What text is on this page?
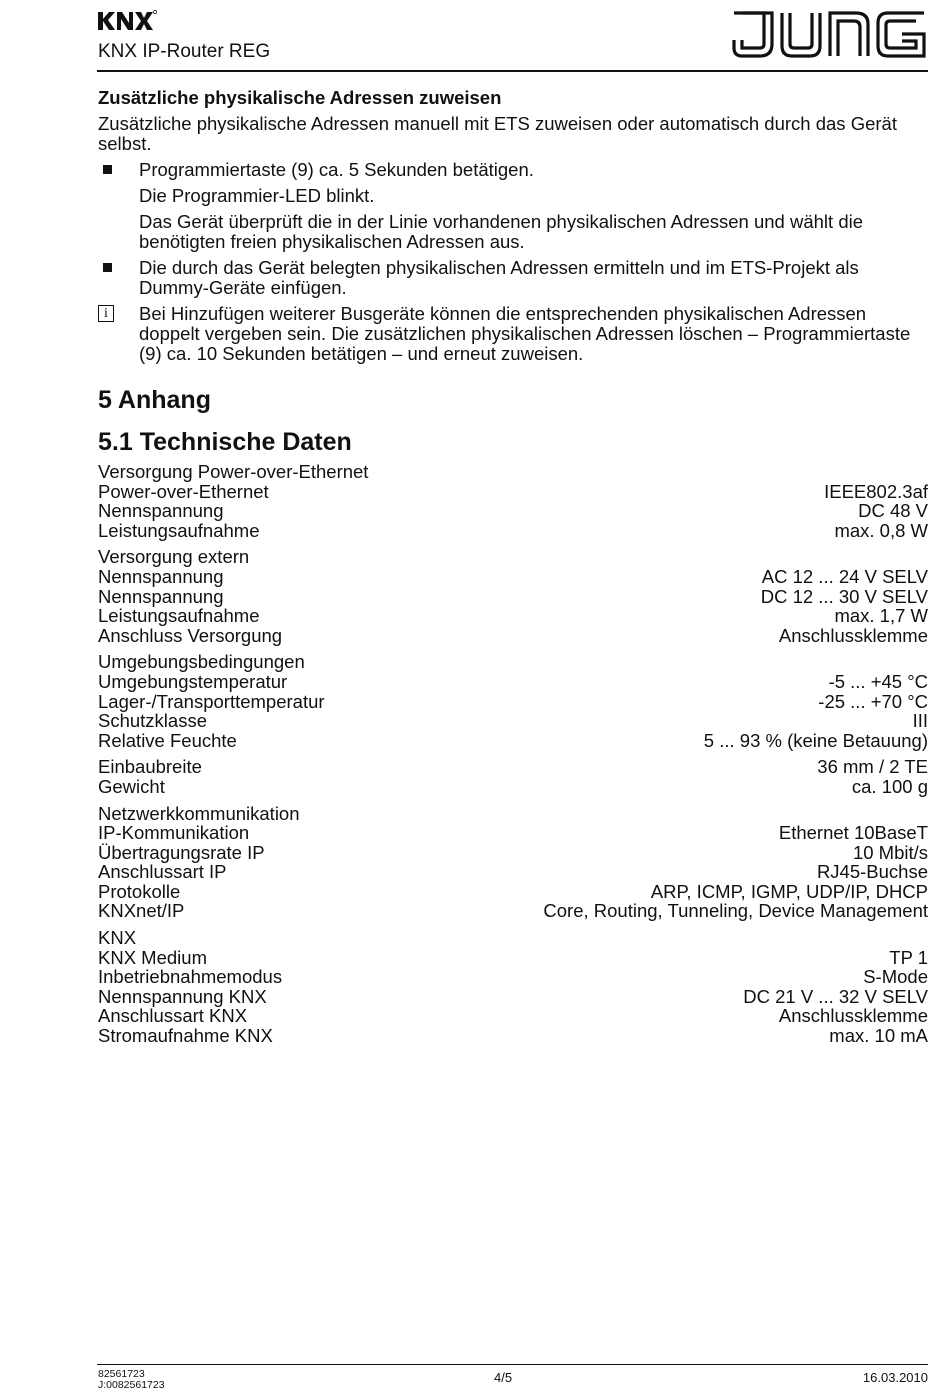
KNX IP-Router REG
Zusätzliche physikalische Adressen zuweisen
Zusätzliche physikalische Adressen manuell mit ETS zuweisen oder automatisch durch das Gerät selbst.
Programmiertaste (9) ca. 5 Sekunden betätigen.
Die Programmier-LED blinkt.
Das Gerät überprüft die in der Linie vorhandenen physikalischen Adressen und wählt die benötigten freien physikalischen Adressen aus.
Die durch das Gerät belegten physikalischen Adressen ermitteln und im ETS-Projekt als Dummy-Geräte einfügen.
i	Bei Hinzufügen weiterer Busgeräte können die entsprechenden physikalischen Adressen doppelt vergeben sein. Die zusätzlichen physikalischen Adressen löschen – Programmiertaste (9) ca. 10 Sekunden betätigen – und erneut zuweisen.
5 Anhang
5.1 Technische Daten
Versorgung Power-over-Ethernet
Power-over-Ethernet	IEEE802.3af
Nennspannung	DC 48 V
Leistungsaufnahme	max. 0,8 W
Versorgung extern
Nennspannung	AC 12 ... 24 V SELV
Nennspannung	DC 12 ... 30 V SELV
Leistungsaufnahme	max. 1,7 W
Anschluss Versorgung	Anschlussklemme
Umgebungsbedingungen
Umgebungstemperatur	-5 ... +45 °C
Lager-/Transporttemperatur	-25 ... +70 °C
Schutzklasse	III
Relative Feuchte	5 ... 93 % (keine Betauung)
Einbaubreite	36 mm / 2 TE
Gewicht	ca. 100 g
Netzwerkkommunikation
IP-Kommunikation	Ethernet 10BaseT
Übertragungsrate IP	10 Mbit/s
Anschlussart IP	RJ45-Buchse
Protokolle	ARP, ICMP, IGMP, UDP/IP, DHCP
KNXnet/IP	Core, Routing, Tunneling, Device Management
KNX
KNX Medium	TP 1
Inbetriebnahmemodus	S-Mode
Nennspannung KNX	DC 21 V ... 32 V SELV
Anschlussart KNX	Anschlussklemme
Stromaufnahme KNX	max. 10 mA
82561723
J:0082561723	4/5	16.03.2010
